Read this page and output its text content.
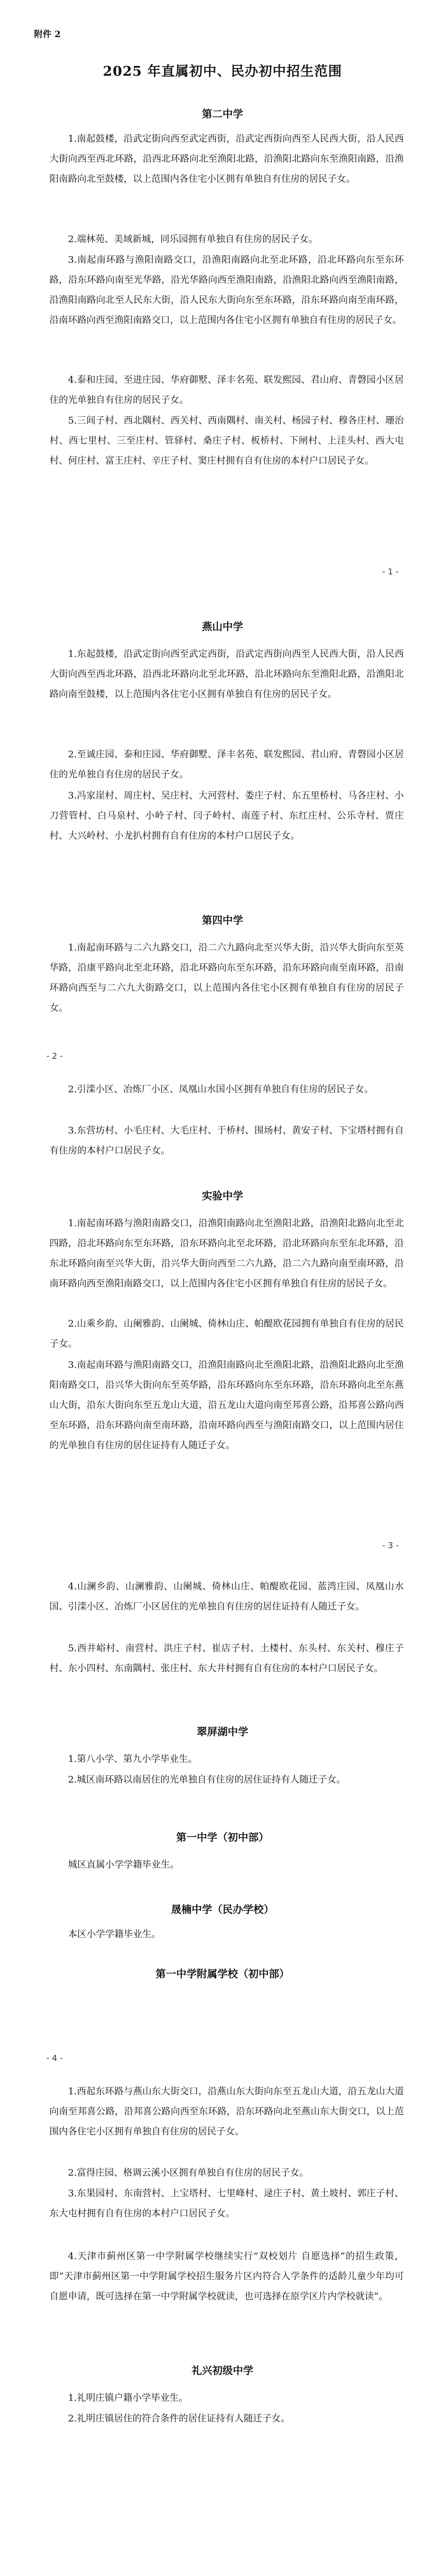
附件 2
2025 年直属初中、民办初中招生范围
第二中学

1.南起鼓楼，沿武定街向西至武定西街，沿武定西街向西至人民西大街，沿人民西大街向西至西北环路，沿西北环路向北至渔阳北路，沿渔阳北路向东至渔阳南路，沿渔阳南路向北至鼓楼，以上范围内各住宅小区拥有单独自有住房的居民子女。

2.端林苑、美域新城，同乐园拥有单独自有住房的居民子女。

3.南起南环路与渔阳南路交口，沿渔阳南路向北至北环路，沿北环路向东至东环路，沿东环路向南至光华路，沿光华路向西至渔阳南路，沿渔阳北路向西至渔阳南路，沿渔阳南路向北至人民东大街，沿人民东大街向东至东环路，沿东环路向南至南环路，沿南环路向西至渔阳南路交口，以上范围内各住宅小区拥有单独自有住房的居民子女。

4.泰和庄园、至进庄园、华府御墅、泽丰名苑、联发熙园、君山府、青磬园小区居住的光单独自有住房的居民子女。

5.三闾子村、西北隅村、西关村、西南隅村、南关村、杨园子村、穆各庄村、珊治村、西七里村、三至庄村、管驿村、桑庄子村、板桥村、下闸村、上洼头村、西大屯村、何庄村、富王庄村、辛庄子村、窦庄村拥有自有住房的本村户口居民子女。

- 1 -
燕山中学

1.东起鼓楼，沿武定街向西至武定西街，沿武定西街向西至人民西大街，沿人民西大街向西至西北环路，沿西北环路向北至北环路，沿北环路向东至渔阳北路，沿渔阳北路向南至鼓楼，以上范围内各住宅小区拥有单独自有住房的居民子女。

2.至诚庄园、泰和庄园、华府御墅、泽丰名苑、联发熙园、君山府、青磬园小区居住的光单独自有住房的居民子女。

3.冯家崖村、周庄村、吴庄村、大河营村、娄庄子村、东五里桥村、马各庄村、小刀营管村、白马泉村、小岭子村、闫子岭村、南莲子村、东红庄村、公乐寺村、贾庄村、大兴岭村、小龙扒村拥有自有住房的本村户口居民子女。

第四中学

1.南起南环路与二六九路交口，沿二六九路向北至兴华大街，沿兴华大街向东至英华路，沿康平路向北至北环路，沿北环路向东至东环路，沿东环路向南至南环路，沿南环路向西至与二六九大街路交口，以上范围内各住宅小区拥有单独自有住房的居民子女。

- 2 -

2.引滦小区、冶炼厂小区、凤凰山水国小区拥有单独自有住房的居民子女。

3.东营坊村、小毛庄村、大毛庄村、于桥村、围场村、黄安子村、下宝塔村拥有自有住房的本村户口居民子女。

实验中学

1.南起南环路与渔阳南路交口，沿渔阳南路向北至渔阳北路，沿渔阳北路向北至北四路，沿北环路向东至东环路，沿东环路向北至北环路，沿北环路向东至东北环路，沿东北环路向南至兴华大街，沿兴华大街向西至二六九路，沿二六九路向南至南环路，沿南环路向西至渔阳南路交口，以上范围内各住宅小区拥有单独自有住房的居民子女。

2.山乘乡韵、山阑雅韵、山阑城、倚林山庄、帕醍欧花园拥有单独自有住房的居民子女。

3.南起南环路与渔阳南路交口，沿渔阳南路向北至渔阳北路，沿渔阳北路向北至渔阳南路交口，沿兴华大街向东至英华路，沿东环路向东至东环路，沿东环路向北至东燕山大街，沿东大街向东至五龙山大道，沿五龙山大道向南至邦喜公路，沿邦喜公路向西至东环路，沿东环路向南至南环路，沿南环路向西至与渔阳南路交口，以上范围内居住的光单独自有住房的居住证持有人随迁子女。

- 3 -

4.山澜乡韵、山澜雅韵、山阑城、倚林山庄、帕醍欧花园、蓝湾庄园、凤凰山水国、引滦小区、冶炼厂小区居住的光单独自有住房的居住证持有人随迁子女。

5.西井峪村、南营村、洪庄子村、崔店子村、土楼村、东头村、东关村、穆庄子村、东小四村、东南隅村、张庄村、东大井村拥有自有住房的本村户口居民子女。

翠屏湖中学

1.第八小学、第九小学毕业生。

2.城区南环路以南居住的光单独自有住房的居住证持有人随迁子女。

第一中学（初中部）

城区直属小学学籍毕业生。

晟楠中学（民办学校）

本区小学学籍毕业生。

第一中学附属学校（初中部）
- 4 -

1.西起东环路与燕山东大街交口，沿燕山东大街向东至五龙山大道，沿五龙山大道向南至邦喜公路，沿邦喜公路向西至东环路，沿东环路向北至燕山东大街交口，以上范围内各住宅小区拥有单独自有住房的居民子女。

2.富得庄园、格调云溪小区拥有单独自有住房的居民子女。

3.东果园村、东南营村、上宝塔村、七里峰村、逯庄子村、黄土坡村、郭庄子村、东大屯村拥有自有住房的本村户口居民子女。

4.天津市蓟州区第一中学附属学校继续实行“双校划片 自愿选择”的招生政策，即“天津市蓟州区第一中学附属学校招生服务片区内符合入学条件的适龄儿童少年均可自愿申请，既可选择在第一中学附属学校就读，也可选择在原学区片内学校就读”。

礼兴初级中学

1.礼明庄镇户籍小学毕业生。

2.礼明庄镇居住的符合条件的居住证持有人随迁子女。
